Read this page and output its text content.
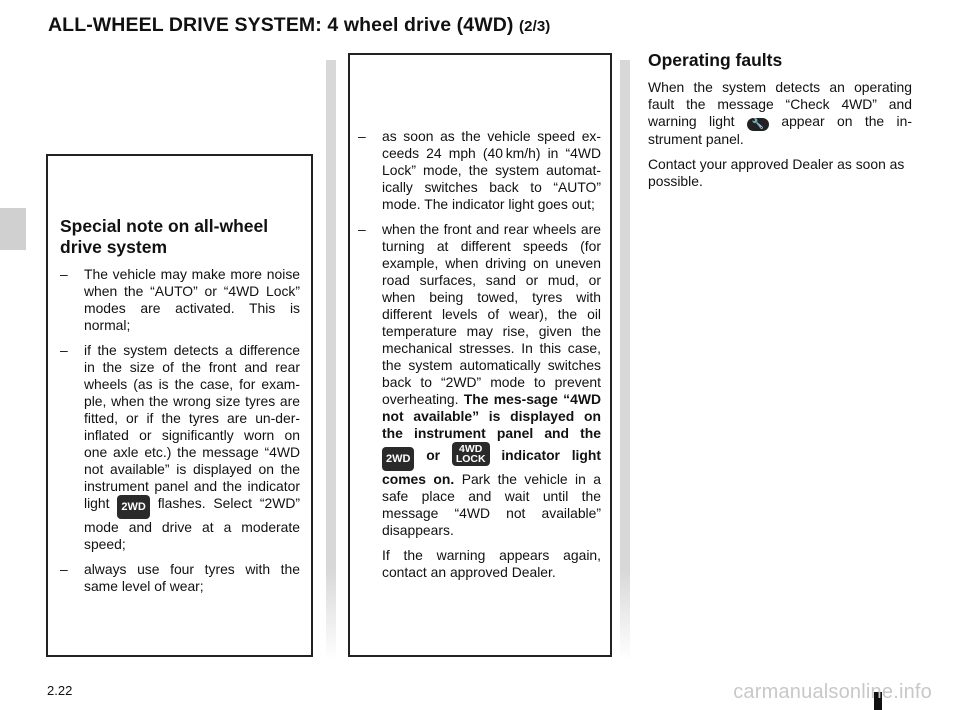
ALL-WHEEL DRIVE SYSTEM: 4 wheel drive (4WD) (2/3)
Special note on all-wheel drive system
– The vehicle may make more noise when the “AUTO” or “4WD Lock” modes are activated. This is normal;
– if the system detects a difference in the size of the front and rear wheels (as is the case, for exam-ple, when the wrong size tyres are fitted, or if the tyres are un-der-inflated or significantly worn on one axle etc.) the message “4WD not available” is displayed on the instrument panel and the indicator light 2WD flashes. Select “2WD” mode and drive at a moderate speed;
– always use four tyres with the same level of wear;
– as soon as the vehicle speed ex-ceeds 24 mph (40 km/h) in “4WD Lock” mode, the system automat-ically switches back to “AUTO” mode. The indicator light goes out;
– when the front and rear wheels are turning at different speeds (for example, when driving on uneven road surfaces, sand or mud, or when being towed, tyres with different levels of wear), the oil temperature may rise, given the mechanical stresses. In this case, the system automatically switches back to “2WD” mode to prevent overheating. The mes-sage “4WD not available” is displayed on the instrument panel and the 2WD or 4WD
LOCK indicator light comes on. Park the vehicle in a safe place and wait until the message “4WD not available” disappears.

If the warning appears again, contact an approved Dealer.

Operating faults

When the system detects an operating fault the message “Check 4WD” and warning light 🔧 appear on the in-strument panel.

Contact your approved Dealer as soon as possible.

2.22	carmanualsonline.info
